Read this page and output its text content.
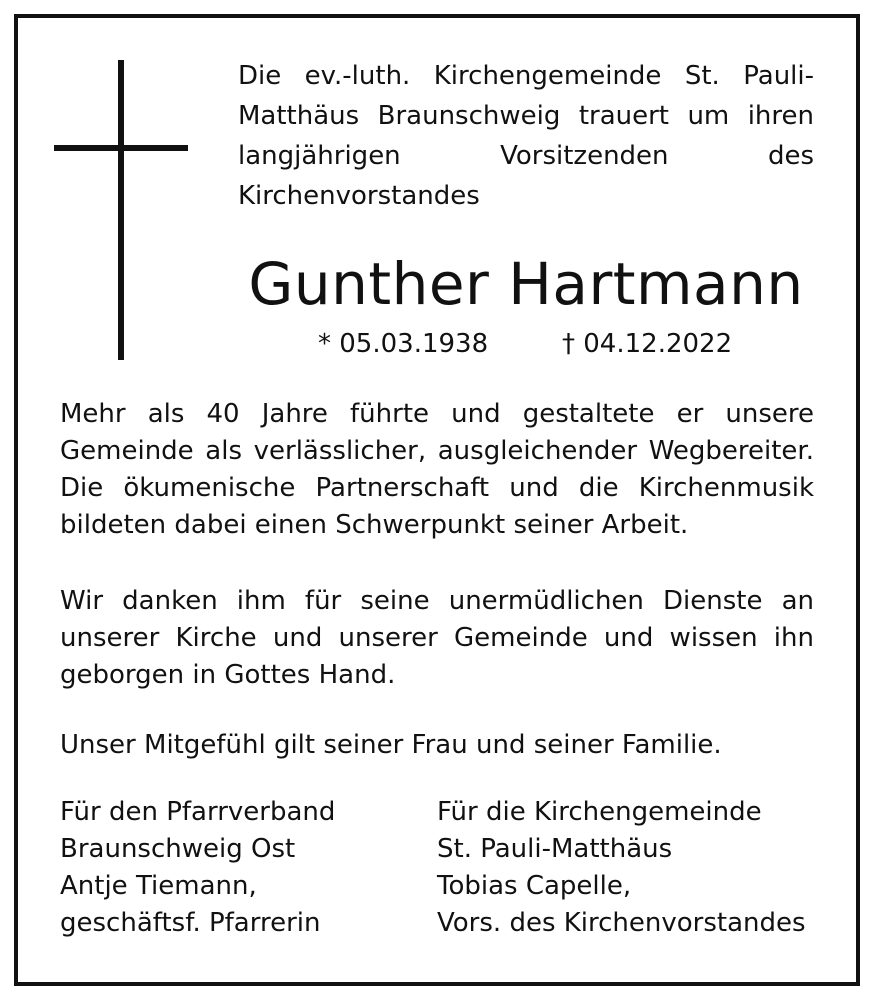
Die ev.-luth. Kirchengemeinde St. Pauli-Matthäus Braunschweig trauert um ihren langjährigen Vorsitzenden des Kirchenvorstandes
Gunther Hartmann
* 05.03.1938	† 04.12.2022
Mehr als 40 Jahre führte und gestaltete er unsere Gemeinde als verlässlicher, ausgleichender Wegbereiter. Die ökumenische Partnerschaft und die Kirchenmusik bildeten dabei einen Schwerpunkt seiner Arbeit.
Wir danken ihm für seine unermüdlichen Dienste an unserer Kirche und unserer Gemeinde und wissen ihn geborgen in Gottes Hand.
Unser Mitgefühl gilt seiner Frau und seiner Familie.
Für den Pfarrverband
Braunschweig Ost
Antje Tiemann,
geschäftsf. Pfarrerin
Für die Kirchengemeinde
St. Pauli-Matthäus
Tobias Capelle,
Vors. des Kirchenvorstandes
